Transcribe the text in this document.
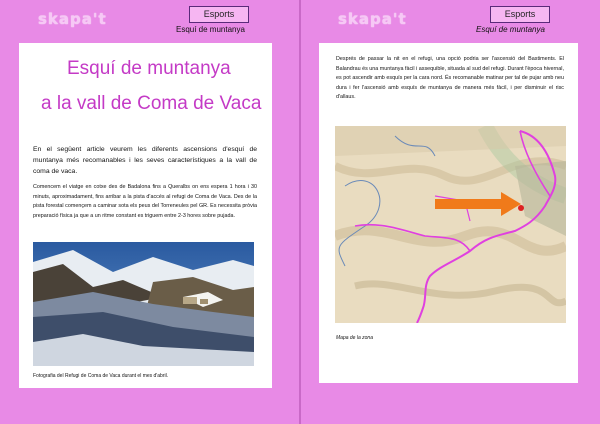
skapa't	Esports
Esquí de muntanya
Esquí de muntanya
a la vall de Coma de Vaca
En el següent article veurem les diferents ascensions d'esquí de muntanya més recomanables i les seves característiques a la vall de coma de vaca.
Comencem el viatge en cotxe des de Badalona fins a Queralbs on ens espera 1 hora i 30 minuts, aproximadament, fins arribar a la pista d'accés al refugi de Coma de Vaca. Des de la pista forestal començem a caminar sota els peus del Torreneules pel GR. Es necessita pròvia preparació física ja que a un ritme constant es triguem entre 2-3 hores sobre pujada.
Fotografia del Refugi de Coma de Vaca durant el mes d'abril.
skapa't	Esports
Esquí de muntanya
Després de passar la nit en el refugi, una opció podria ser l'ascensió del Bastiments. El Balandrau és una muntanya fàcil i assequible, situada al sud del refugi. Durant l'època hivernal, es pot ascendir amb esquís per la cara nord. És recomanable matinar per tal de pujar amb neu dura i fer l'ascensió amb esquís de muntanya de manera més fàcil, i per disminuir el risc d'allaus.
Mapa de la zona
